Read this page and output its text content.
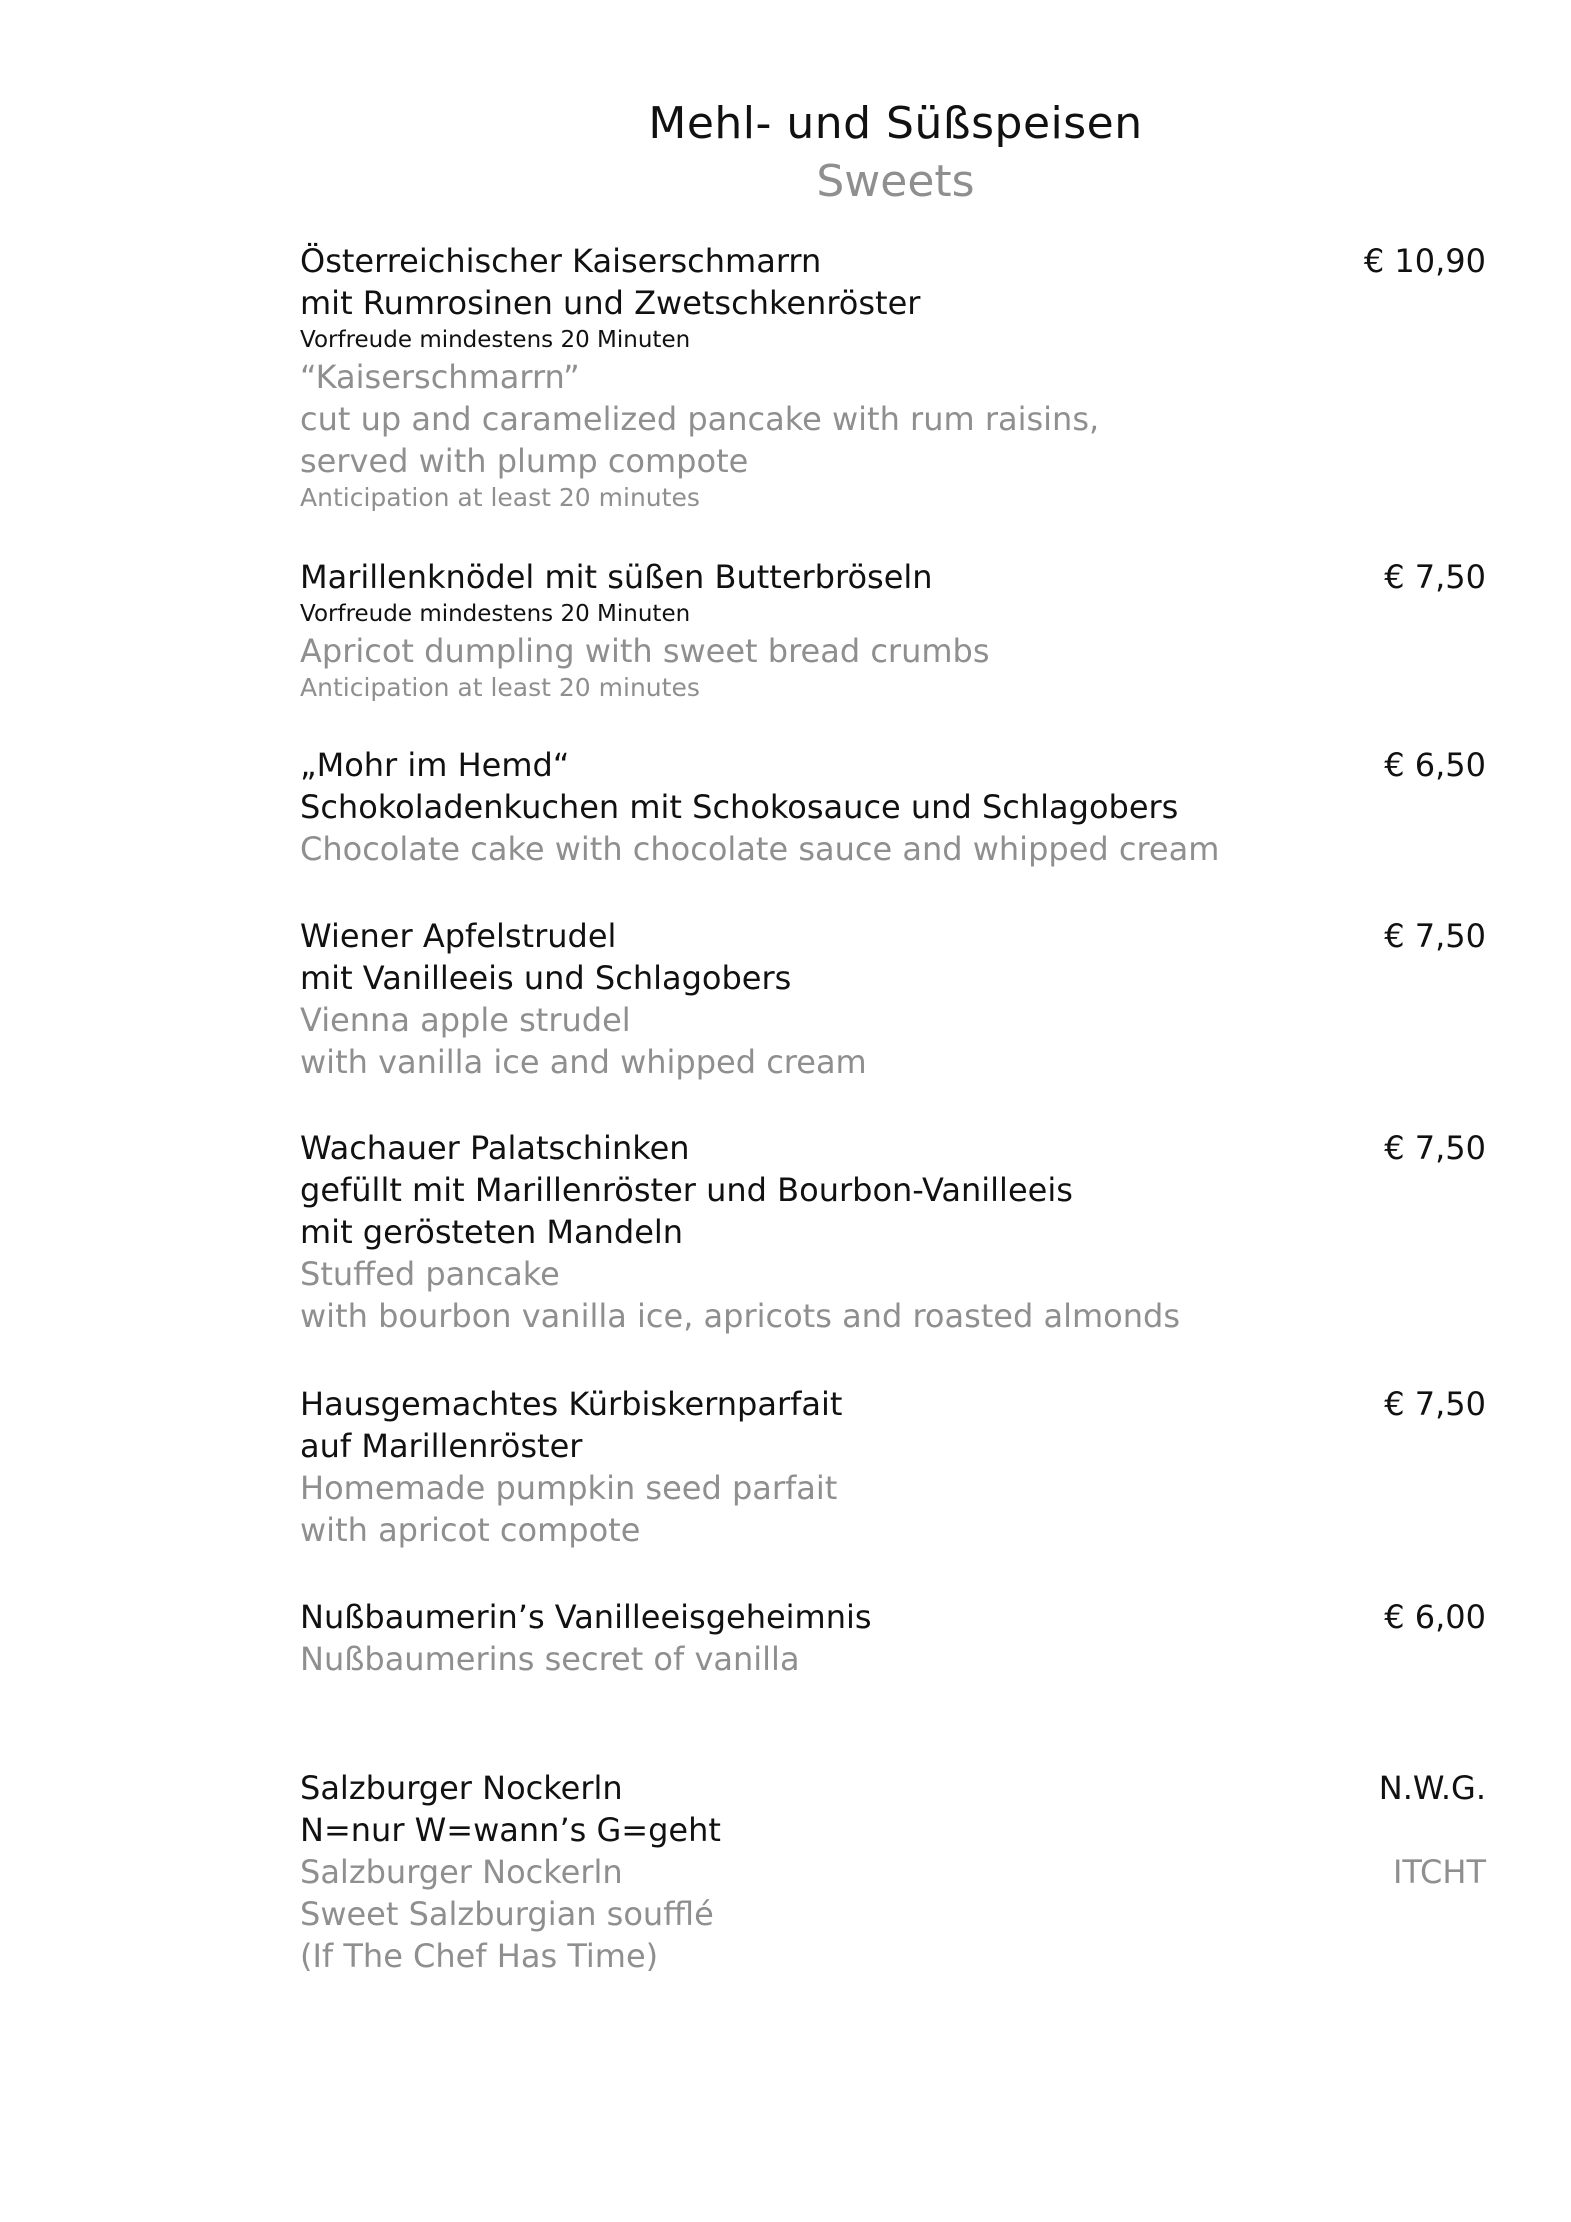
Mehl- und Süßspeisen
Sweets
Österreichischer Kaiserschmarrn
mit Rumrosinen und Zwetschkenröster
Vorfreude mindestens 20 Minuten
“Kaiserschmarrn”
cut up and caramelized pancake with rum raisins,
served with plump compote
Anticipation at least 20 minutes
€ 10,90
Marillenknödel mit süßen Butterbröseln
Vorfreude mindestens 20 Minuten
Apricot dumpling with sweet bread crumbs
Anticipation at least 20 minutes
€ 7,50
„Mohr im Hemd“
Schokoladenkuchen mit Schokosauce und Schlagobers
Chocolate cake with chocolate sauce and whipped cream
€ 6,50
Wiener Apfelstrudel
mit Vanilleeis und Schlagobers
Vienna apple strudel
with vanilla ice and whipped cream
€ 7,50
Wachauer Palatschinken
gefüllt mit Marillenröster und Bourbon-Vanilleeis
mit gerösteten Mandeln
Stuffed pancake
with bourbon vanilla ice, apricots and roasted almonds
€ 7,50
Hausgemachtes Kürbiskernparfait
auf Marillenröster
Homemade pumpkin seed parfait
with apricot compote
€ 7,50
Nußbaumerin’s Vanilleeisgeheimnis
Nußbaumerins secret of vanilla
€ 6,00
Salzburger Nockerln
N=nur W=wann’s G=geht
Salzburger Nockerln
Sweet Salzburgian soufflé
(If The Chef Has Time)
N.W.G.
ITCHT
